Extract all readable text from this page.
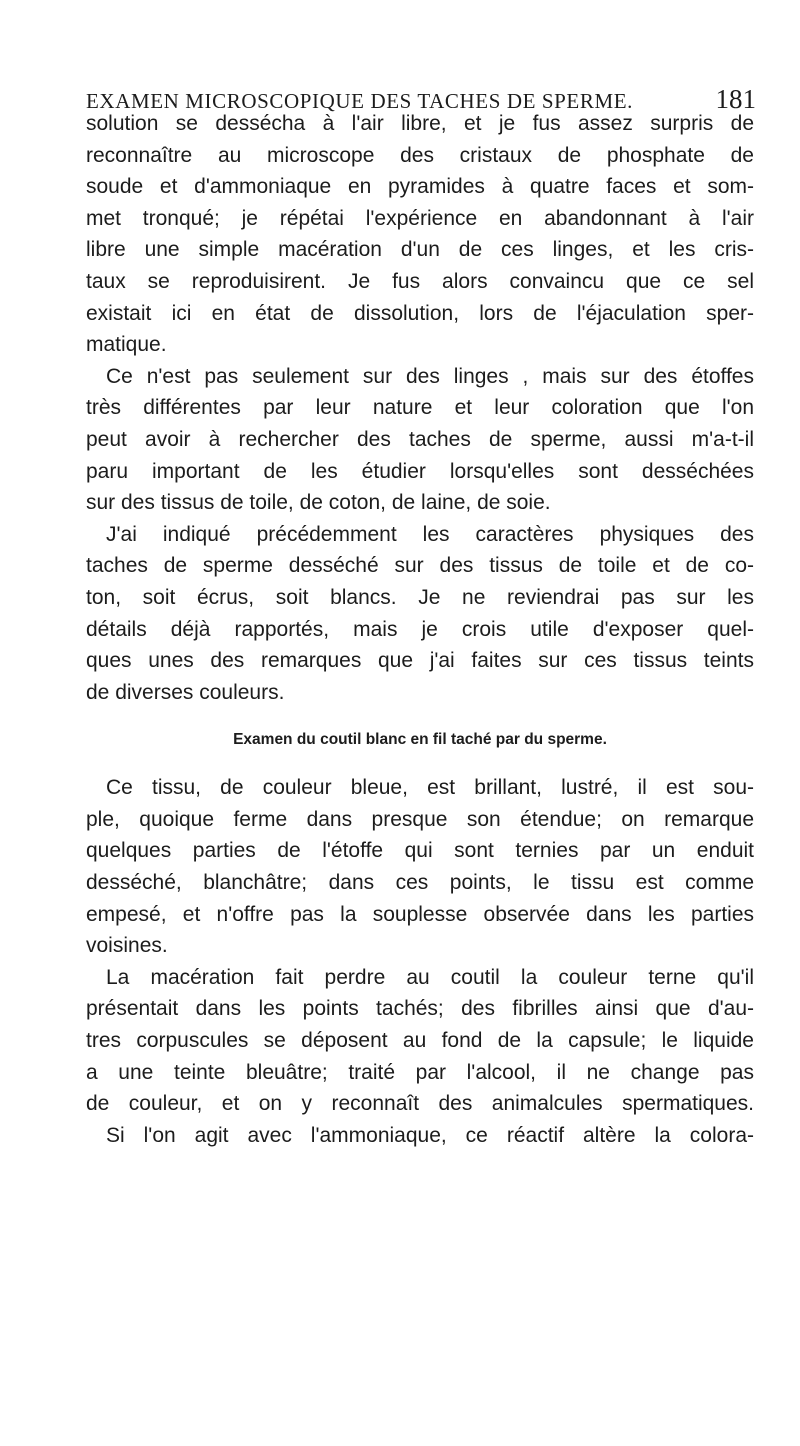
EXAMEN MICROSCOPIQUE DES TACHES DE SPERME.	181
solution se dessécha à l'air libre, et je fus assez surpris de
reconnaître au microscope des cristaux de phosphate de
soude et d'ammoniaque en pyramides à quatre faces et som-
met tronqué; je répétai l'expérience en abandonnant à l'air
libre une simple macération d'un de ces linges, et les cris-
taux se reproduisirent. Je fus alors convaincu que ce sel
existait ici en état de dissolution, lors de l'éjaculation sper-
matique.
Ce n'est pas seulement sur des linges , mais sur des étoffes
très différentes par leur nature et leur coloration que l'on
peut avoir à rechercher des taches de sperme, aussi m'a-t-il
paru important de les étudier lorsqu'elles sont desséchées
sur des tissus de toile, de coton, de laine, de soie.
J'ai indiqué précédemment les caractères physiques des
taches de sperme desséché sur des tissus de toile et de co-
ton, soit écrus, soit blancs. Je ne reviendrai pas sur les
détails déjà rapportés, mais je crois utile d'exposer quel-
ques unes des remarques que j'ai faites sur ces tissus teints
de diverses couleurs.
Examen du coutil blanc en fil taché par du sperme.
Ce tissu, de couleur bleue, est brillant, lustré, il est sou-
ple, quoique ferme dans presque son étendue; on remarque
quelques parties de l'étoffe qui sont ternies par un enduit
desséché, blanchâtre; dans ces points, le tissu est comme
empesé, et n'offre pas la souplesse observée dans les parties
voisines.
La macération fait perdre au coutil la couleur terne qu'il
présentait dans les points tachés; des fibrilles ainsi que d'au-
tres corpuscules se déposent au fond de la capsule; le liquide
a une teinte bleuâtre; traité par l'alcool, il ne change pas
de couleur, et on y reconnaît des animalcules spermatiques.
Si l'on agit avec l'ammoniaque, ce réactif altère la colora-
